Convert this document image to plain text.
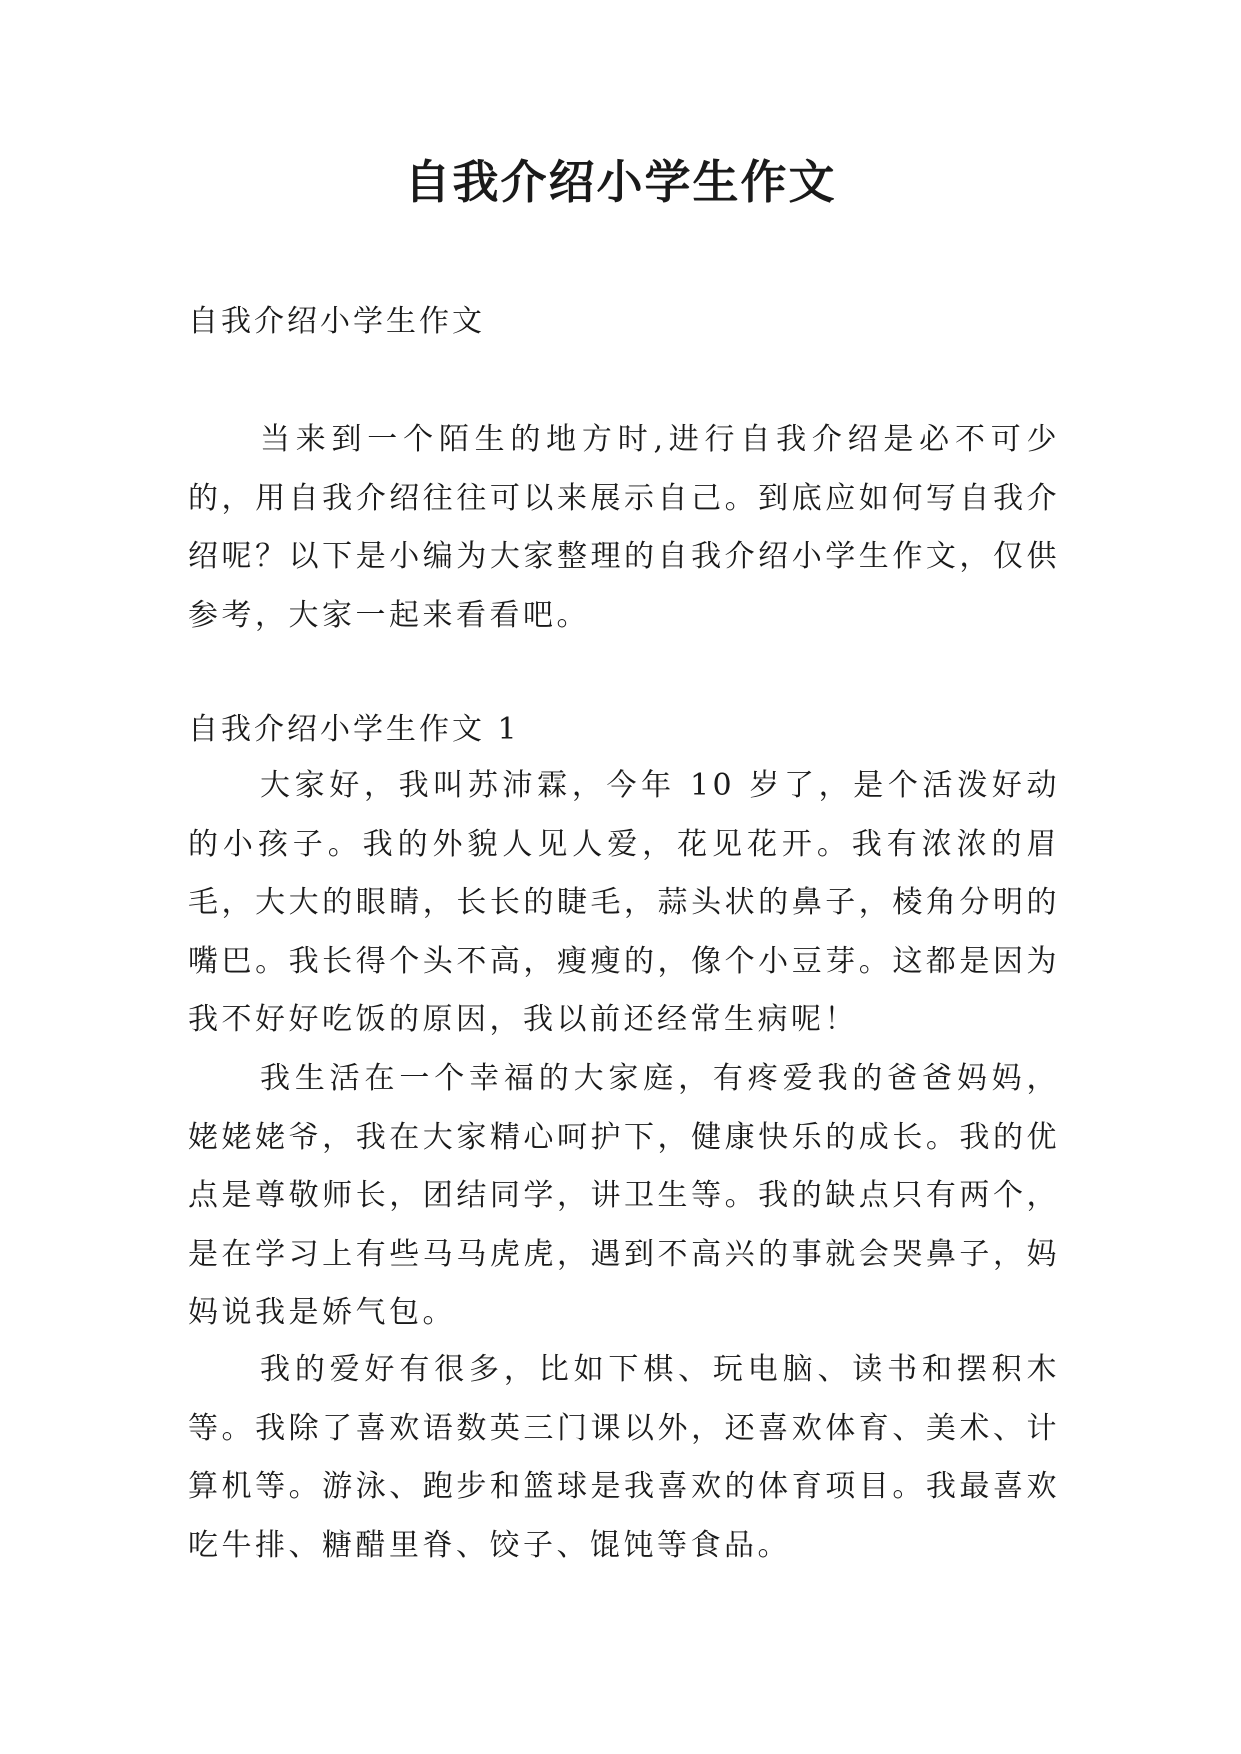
自我介绍小学生作文

自我介绍小学生作文

当来到一个陌生的地方时,进行自我介绍是必不可少的，用自我介绍往往可以来展示自己。到底应如何写自我介绍呢？以下是小编为大家整理的自我介绍小学生作文，仅供参考，大家一起来看看吧。

自我介绍小学生作文 1

大家好，我叫苏沛霖，今年 10 岁了，是个活泼好动的小孩子。我的外貌人见人爱，花见花开。我有浓浓的眉毛，大大的眼睛，长长的睫毛，蒜头状的鼻子，棱角分明的嘴巴。我长得个头不高，瘦瘦的，像个小豆芽。这都是因为我不好好吃饭的原因，我以前还经常生病呢！

我生活在一个幸福的大家庭，有疼爱我的爸爸妈妈，姥姥姥爷，我在大家精心呵护下，健康快乐的成长。我的优点是尊敬师长，团结同学，讲卫生等。我的缺点只有两个，是在学习上有些马马虎虎，遇到不高兴的事就会哭鼻子，妈妈说我是娇气包。

我的爱好有很多，比如下棋、玩电脑、读书和摆积木等。我除了喜欢语数英三门课以外，还喜欢体育、美术、计算机等。游泳、跑步和篮球是我喜欢的体育项目。我最喜欢吃牛排、糖醋里脊、饺子、馄饨等食品。
